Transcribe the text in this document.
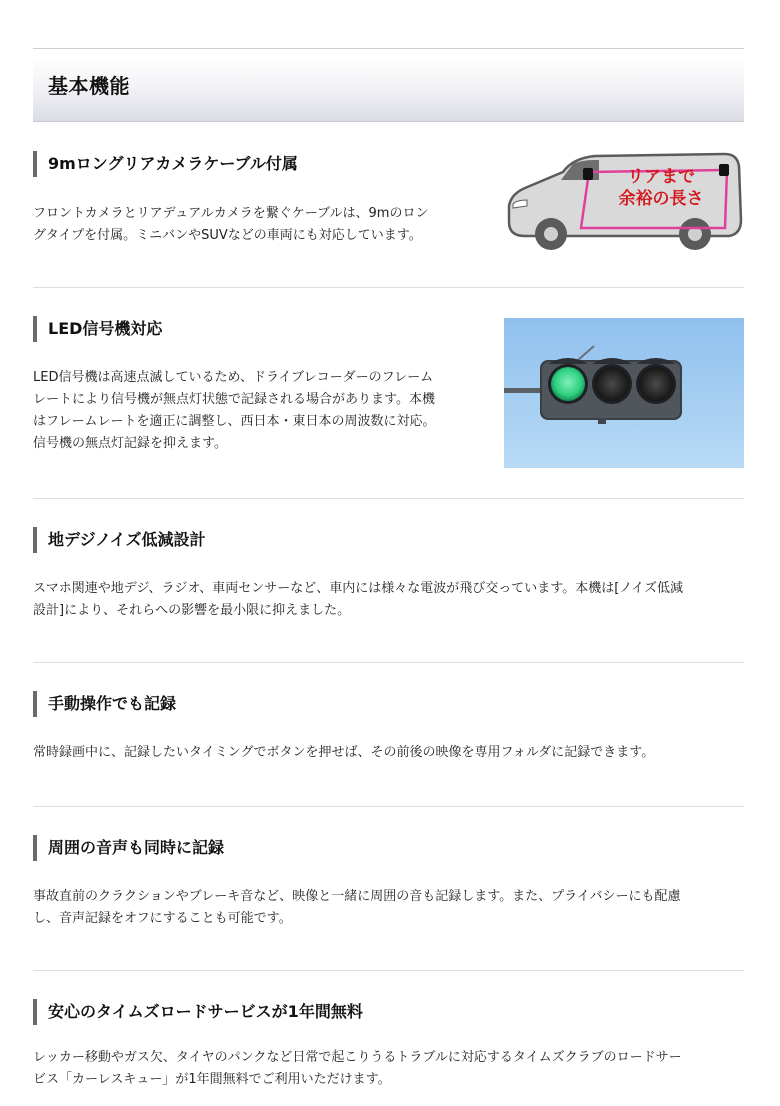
基本機能
9mロングリアカメラケーブル付属
フロントカメラとリアデュアルカメラを繋ぐケーブルは、9mのロン
グタイプを付属。ミニバンやSUVなどの車両にも対応しています。
リアまで
余裕の長さ
LED信号機対応
LED信号機は高速点滅しているため、ドライブレコーダーのフレーム
レートにより信号機が無点灯状態で記録される場合があります。本機
はフレームレートを適正に調整し、西日本・東日本の周波数に対応。
信号機の無点灯記録を抑えます。
地デジノイズ低減設計
スマホ関連や地デジ、ラジオ、車両センサーなど、車内には様々な電波が飛び交っています。本機は[ノイズ低減
設計]により、それらへの影響を最小限に抑えました。
手動操作でも記録
常時録画中に、記録したいタイミングでボタンを押せば、その前後の映像を専用フォルダに記録できます。
周囲の音声も同時に記録
事故直前のクラクションやブレーキ音など、映像と一緒に周囲の音も記録します。また、プライバシーにも配慮
し、音声記録をオフにすることも可能です。
安心のタイムズロードサービスが1年間無料
レッカー移動やガス欠、タイヤのパンクなど日常で起こりうるトラブルに対応するタイムズクラブのロードサー
ビス「カーレスキュー」が1年間無料でご利用いただけます。
